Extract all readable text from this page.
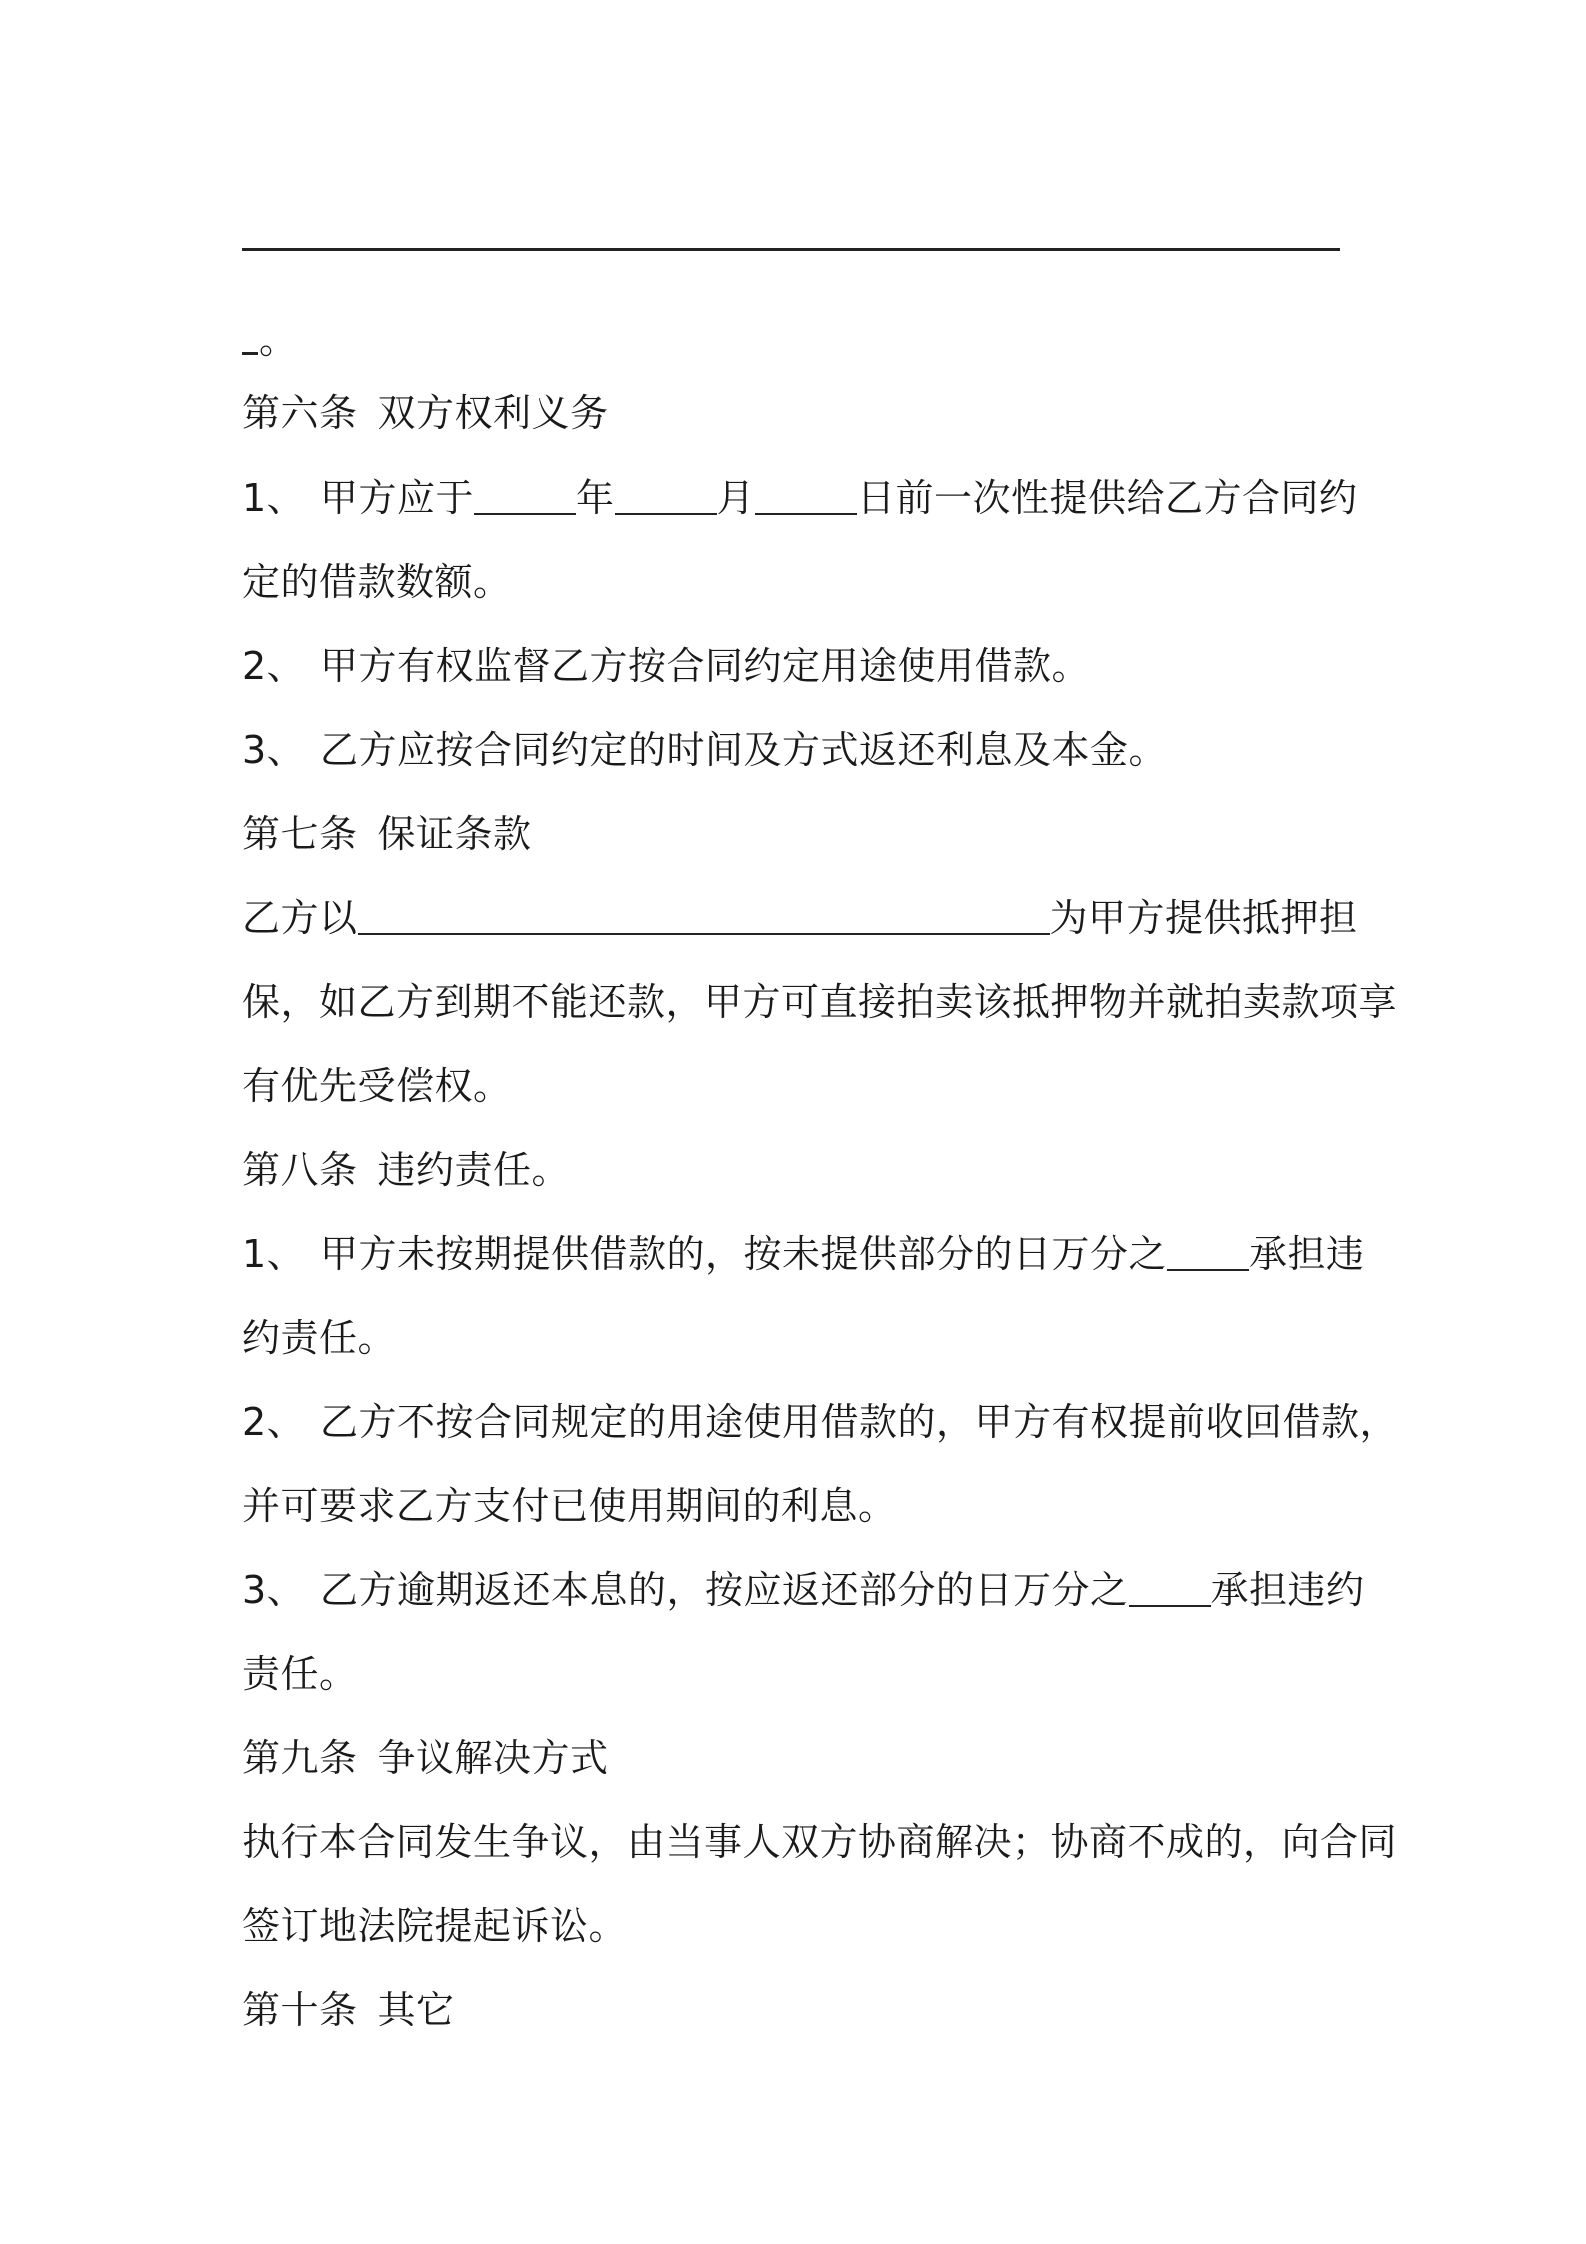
。
第六条 双方权利义务
1、 甲方应于	年	月	日前一次性提供给乙方合同约
定的借款数额。
2、 甲方有权监督乙方按合同约定用途使用借款。
3、 乙方应按合同约定的时间及方式返还利息及本金。
第七条 保证条款
乙方以	为甲方提供抵押担
保，如乙方到期不能还款，甲方可直接拍卖该抵押物并就拍卖款项享
有优先受偿权。
第八条 违约责任。
1、 甲方未按期提供借款的，按未提供部分的日万分之 承担违
约责任。
2、 乙方不按合同规定的用途使用借款的，甲方有权提前收回借款，
并可要求乙方支付已使用期间的利息。
3、 乙方逾期返还本息的，按应返还部分的日万分之 承担违约
责任。
第九条 争议解决方式
执行本合同发生争议，由当事人双方协商解决；协商不成的，向合同
签订地法院提起诉讼。
第十条 其它
